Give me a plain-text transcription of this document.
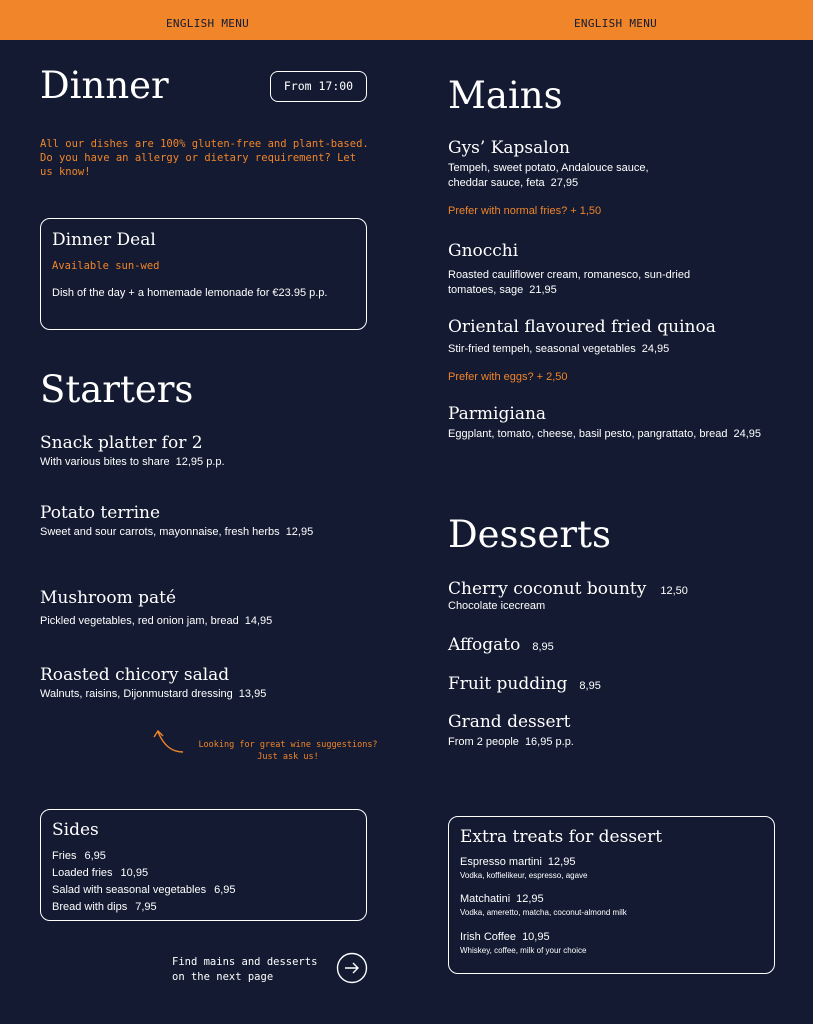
ENGLISH MENU	ENGLISH MENU
Dinner	From 17:00
All our dishes are 100% gluten-free and plant-based.
Do you have an allergy or dietary requirement? Let
us know!
Dinner Deal
Available sun-wed
Dish of the day + a homemade lemonade for €23.95 p.p.
Starters
Snack platter for 2
With various bites to share 12,95 p.p.
Potato terrine
Sweet and sour carrots, mayonnaise, fresh herbs 12,95
Mushroom paté
Pickled vegetables, red onion jam, bread 14,95
Roasted chicory salad
Walnuts, raisins, Dijonmustard dressing 13,95
Looking for great wine suggestions?
Just ask us!
Sides
Fries 6,95
Loaded fries 10,95
Salad with seasonal vegetables 6,95
Bread with dips 7,95
Find mains and desserts
on the next page
Mains
Gys’ Kapsalon
Tempeh, sweet potato, Andalouce sauce,
cheddar sauce, feta 27,95
Prefer with normal fries? + 1,50
Gnocchi
Roasted cauliflower cream, romanesco, sun-dried
tomatoes, sage 21,95
Oriental flavoured fried quinoa
Stir-fried tempeh, seasonal vegetables 24,95
Prefer with eggs? + 2,50
Parmigiana
Eggplant, tomato, cheese, basil pesto, pangrattato, bread 24,95
Desserts
Cherry coconut bounty 12,50
Chocolate icecream
Affogato 8,95
Fruit pudding 8,95
Grand dessert
From 2 people 16,95 p.p.
Extra treats for dessert
Espresso martini 12,95
Vodka, koffielikeur, espresso, agave
Matchatini 12,95
Vodka, ameretto, matcha, coconut-almond milk
Irish Coffee 10,95
Whiskey, coffee, milk of your choice
